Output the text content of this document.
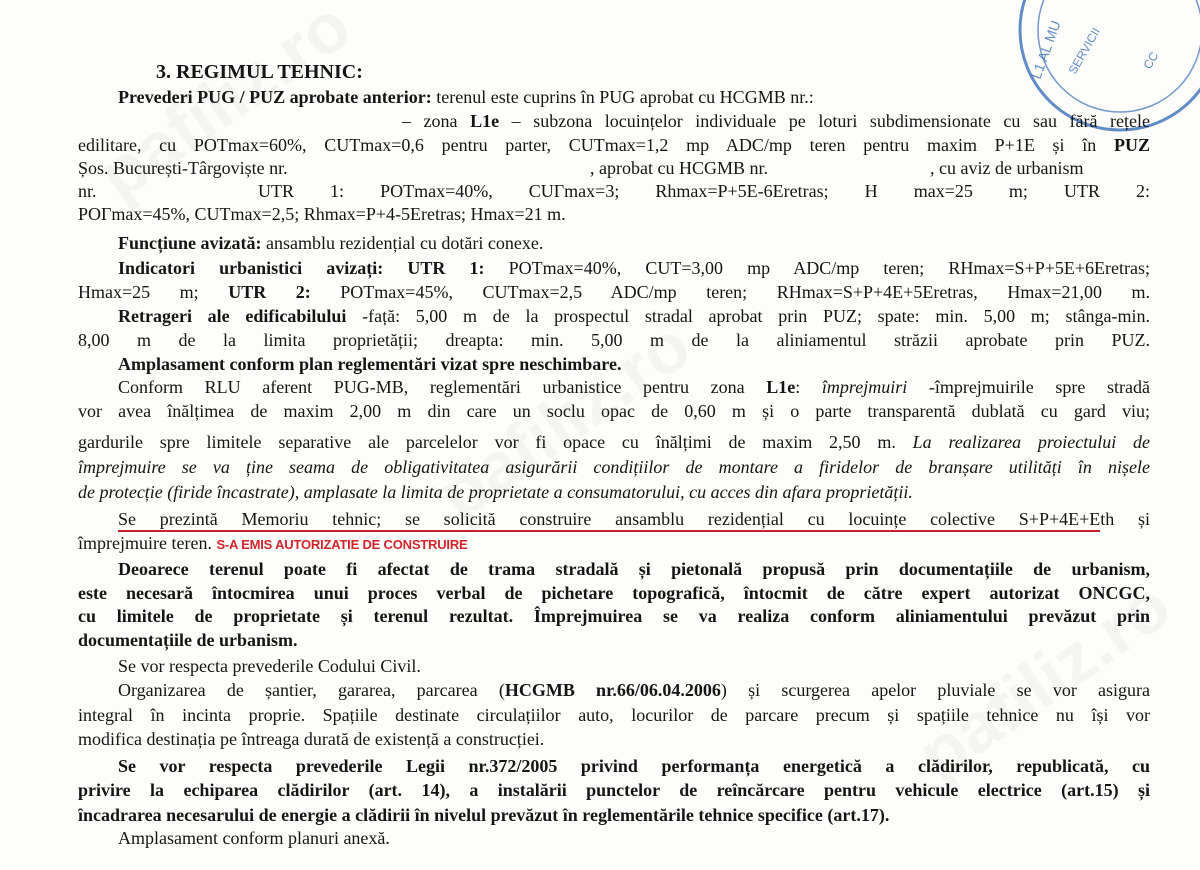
L1 AL MU SERVICII	CC
3. REGIMUL TEHNIC:
Prevederi PUG / PUZ aprobate anterior: terenul este cuprins în PUG aprobat cu HCGMB nr.:
– zona L1e – subzona locuințelor individuale pe loturi subdimensionate cu sau fără rețele
edilitare, cu POTmax=60%, CUTmax=0,6 pentru parter, CUTmax=1,2 mp ADC/mp teren pentru maxim P+1E și în PUZ
Șos. București-Târgoviște nr.	, aprobat cu HCGMB nr.	, cu aviz de urbanism
nr.	UTR 1: POTmax=40%, CUΓmax=3; Rhmax=P+5E-6Eretras; H max=25 m; UTR 2:
POΓmax=45%, CUTmax=2,5; Rhmax=P+4-5Eretras; Hmax=21 m.
Funcțiune avizată: ansamblu rezidențial cu dotări conexe.
Indicatori urbanistici avizați: UTR 1: POTmax=40%, CUT=3,00 mp ADC/mp teren; RHmax=S+P+5E+6Eretras;
Hmax=25 m; UTR 2: POTmax=45%, CUTmax=2,5 ADC/mp teren; RHmax=S+P+4E+5Eretras, Hmax=21,00 m.
Retrageri ale edificabilului -față: 5,00 m de la prospectul stradal aprobat prin PUZ; spate: min. 5,00 m; stânga-min.
8,00 m de la limita proprietății; dreapta: min. 5,00 m de la aliniamentul străzii aprobate prin PUZ.
Amplasament conform plan reglementări vizat spre neschimbare.
Conform RLU aferent PUG-MB, reglementări urbanistice pentru zona L1e: împrejmuiri -împrejmuirile spre stradă
vor avea înălțimea de maxim 2,00 m din care un soclu opac de 0,60 m și o parte transparentă dublată cu gard viu;
gardurile spre limitele separative ale parcelelor vor fi opace cu înălțimi de maxim 2,50 m. La realizarea proiectului de
împrejmuire se va ține seama de obligativitatea asigurării condițiilor de montare a firidelor de branșare utilități în nișele
de protecție (firide încastrate), amplasate la limita de proprietate a consumatorului, cu acces din afara proprietății.
Se prezintă Memoriu tehnic; se solicită construire ansamblu rezidențial cu locuințe colective S+P+4E+Eth și
împrejmuire teren. S-A EMIS AUTORIZATIE DE CONSTRUIRE
Deoarece terenul poate fi afectat de trama stradală și pietonală propusă prin documentațiile de urbanism,
este necesară întocmirea unui proces verbal de pichetare topografică, întocmit de către expert autorizat ONCGC,
cu limitele de proprietate și terenul rezultat. Împrejmuirea se va realiza conform aliniamentului prevăzut prin
documentațiile de urbanism.
Se vor respecta prevederile Codului Civil.
Organizarea de șantier, gararea, parcarea (HCGMB nr.66/06.04.2006) și scurgerea apelor pluviale se vor asigura
integral în incinta proprie. Spațiile destinate circulațiilor auto, locurilor de parcare precum și spațiile tehnice nu își vor
modifica destinația pe întreaga durată de existență a construcției.
Se vor respecta prevederile Legii nr.372/2005 privind performanța energetică a clădirilor, republicată, cu
privire la echiparea clădirilor (art. 14), a instalării punctelor de reîncărcare pentru vehicule electrice (art.15) și
încadrarea necesarului de energie a clădirii în nivelul prevăzut în reglementările tehnice specifice (art.17).
Amplasament conform planuri anexă.
